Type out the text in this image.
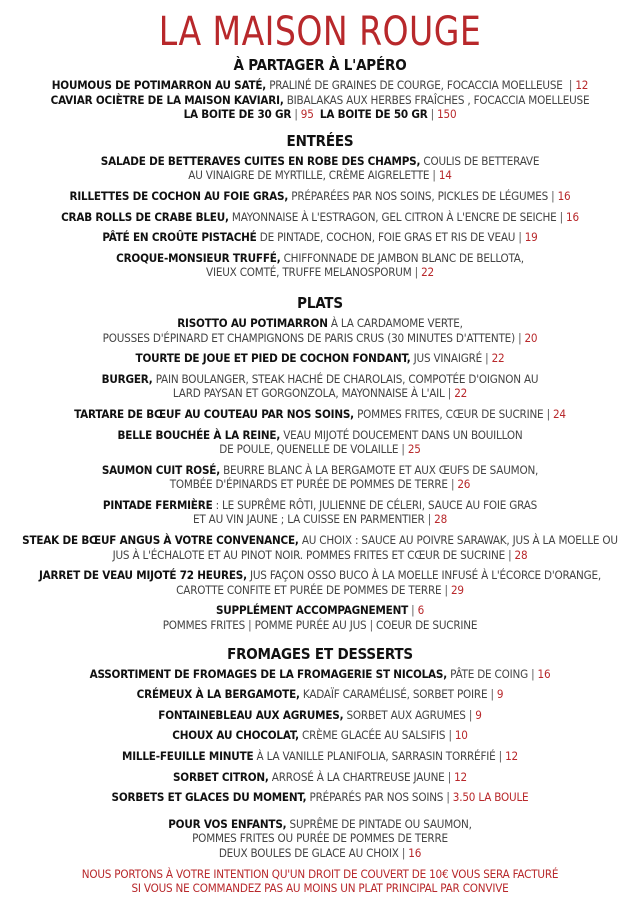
LA MAISON ROUGE
À PARTAGER À L'APÉRO
HOUMOUS DE POTIMARRON AU SATÉ, PRALINÉ DE GRAINES DE COURGE, FOCACCIA MOELLEUSE  | 12
CAVIAR OCIÈTRE DE LA MAISON KAVIARI, BIBALAKAS AUX HERBES FRAÎCHES , FOCACCIA MOELLEUSE
LA BOITE DE 30 GR | 95 LA BOITE DE 50 GR | 150
ENTRÉES
SALADE DE BETTERAVES CUITES EN ROBE DES CHAMPS, COULIS DE BETTERAVE
AU VINAIGRE DE MYRTILLE, CRÈME AIGRELETTE | 14
RILLETTES DE COCHON AU FOIE GRAS, PRÉPARÉES PAR NOS SOINS, PICKLES DE LÉGUMES | 16
CRAB ROLLS DE CRABE BLEU, MAYONNAISE À L'ESTRAGON, GEL CITRON À L'ENCRE DE SEICHE | 16
PÂTÉ EN CROÛTE PISTACHÉ DE PINTADE, COCHON, FOIE GRAS ET RIS DE VEAU | 19
CROQUE-MONSIEUR TRUFFÉ, CHIFFONNADE DE JAMBON BLANC DE BELLOTA,
VIEUX COMTÉ, TRUFFE MELANOSPORUM | 22
PLATS
RISOTTO AU POTIMARRON À LA CARDAMOME VERTE,
POUSSES D'ÉPINARD ET CHAMPIGNONS DE PARIS CRUS (30 MINUTES D'ATTENTE) | 20
TOURTE DE JOUE ET PIED DE COCHON FONDANT, JUS VINAIGRÉ | 22
BURGER, PAIN BOULANGER, STEAK HACHÉ DE CHAROLAIS, COMPOTÉE D'OIGNON AU
LARD PAYSAN ET GORGONZOLA, MAYONNAISE À L'AIL | 22
TARTARE DE BŒUF AU COUTEAU PAR NOS SOINS, POMMES FRITES, CŒUR DE SUCRINE | 24
BELLE BOUCHÉE À LA REINE, VEAU MIJOTÉ DOUCEMENT DANS UN BOUILLON
DE POULE, QUENELLE DE VOLAILLE | 25
SAUMON CUIT ROSÉ, BEURRE BLANC À LA BERGAMOTE ET AUX ŒUFS DE SAUMON,
TOMBÉE D'ÉPINARDS ET PURÉE DE POMMES DE TERRE | 26
PINTADE FERMIÈRE : LE SUPRÊME RÔTI, JULIENNE DE CÉLERI, SAUCE AU FOIE GRAS
ET AU VIN JAUNE ; LA CUISSE EN PARMENTIER | 28
STEAK DE BŒUF ANGUS À VOTRE CONVENANCE, AU CHOIX : SAUCE AU POIVRE SARAWAK, JUS À LA MOELLE OU
JUS À L'ÉCHALOTE ET AU PINOT NOIR. POMMES FRITES ET CŒUR DE SUCRINE | 28
JARRET DE VEAU MIJOTÉ 72 HEURES, JUS FAÇON OSSO BUCO À LA MOELLE INFUSÉ À L'ÉCORCE D'ORANGE,
CAROTTE CONFITE ET PURÉE DE POMMES DE TERRE | 29
SUPPLÉMENT ACCOMPAGNEMENT | 6
POMMES FRITES | POMME PURÉE AU JUS | COEUR DE SUCRINE
FROMAGES ET DESSERTS
ASSORTIMENT DE FROMAGES DE LA FROMAGERIE ST NICOLAS, PÂTE DE COING | 16
CRÉMEUX À LA BERGAMOTE, KADAÏF CARAMÉLISÉ, SORBET POIRE | 9
FONTAINEBLEAU AUX AGRUMES, SORBET AUX AGRUMES | 9
CHOUX AU CHOCOLAT, CRÈME GLACÉE AU SALSIFIS | 10
MILLE-FEUILLE MINUTE À LA VANILLE PLANIFOLIA, SARRASIN TORRÉFIÉ | 12
SORBET CITRON, ARROSÉ À LA CHARTREUSE JAUNE | 12
SORBETS ET GLACES DU MOMENT, PRÉPARÉS PAR NOS SOINS | 3.50 LA BOULE
POUR VOS ENFANTS, SUPRÊME DE PINTADE OU SAUMON,
POMMES FRITES OU PURÉE DE POMMES DE TERRE
DEUX BOULES DE GLACE AU CHOIX | 16
NOUS PORTONS À VOTRE INTENTION QU'UN DROIT DE COUVERT DE 10€ VOUS SERA FACTURÉ
SI VOUS NE COMMANDEZ PAS AU MOINS UN PLAT PRINCIPAL PAR CONVIVE
